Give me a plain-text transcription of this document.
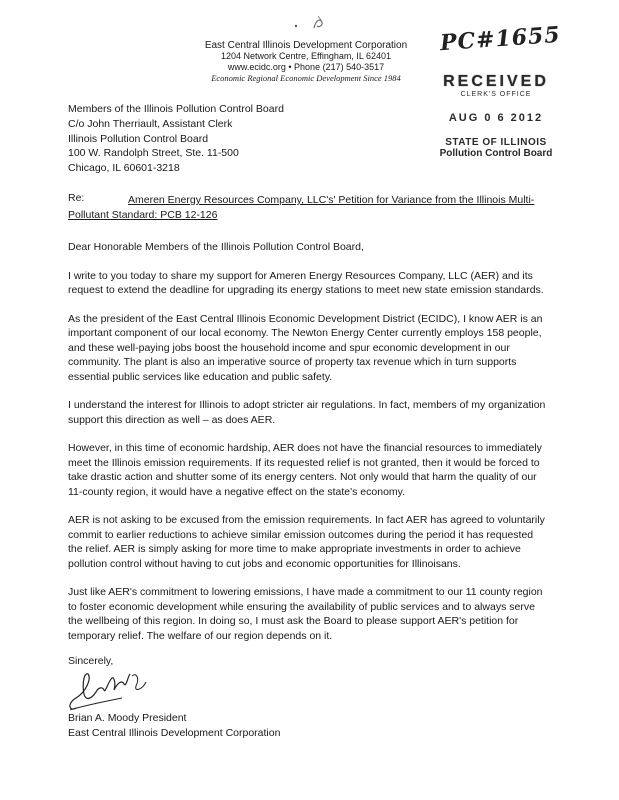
East Central Illinois Development Corporation
1204 Network Centre, Effingham, IL 62401
www.ecidc.org • Phone (217) 540-3517
Economic Regional Economic Development Since 1984
PC#1655
RECEIVED
CLERK'S OFFICE
AUG 0 6 2012
STATE OF ILLINOIS
Pollution Control Board
Members of the Illinois Pollution Control Board
C/o John Therriault, Assistant Clerk
Illinois Pollution Control Board
100 W. Randolph Street, Ste. 11-500
Chicago, IL 60601-3218
Re:	Ameren Energy Resources Company, LLC's' Petition for Variance from the Illinois Multi-Pollutant Standard: PCB 12-126

Dear Honorable Members of the Illinois Pollution Control Board,

I write to you today to share my support for Ameren Energy Resources Company, LLC (AER) and its request to extend the deadline for upgrading its energy stations to meet new state emission standards.

As the president of the East Central Illinois Economic Development District (ECIDC), I know AER is an important component of our local economy. The Newton Energy Center currently employs 158 people, and these well-paying jobs boost the household income and spur economic development in our community. The plant is also an imperative source of property tax revenue which in turn supports essential public services like education and public safety.

I understand the interest for Illinois to adopt stricter air regulations. In fact, members of my organization support this direction as well – as does AER.

However, in this time of economic hardship, AER does not have the financial resources to immediately meet the Illinois emission requirements. If its requested relief is not granted, then it would be forced to take drastic action and shutter some of its energy centers. Not only would that harm the quality of our 11-county region, it would have a negative effect on the state's economy.

AER is not asking to be excused from the emission requirements. In fact AER has agreed to voluntarily commit to earlier reductions to achieve similar emission outcomes during the period it has requested the relief. AER is simply asking for more time to make appropriate investments in order to achieve pollution control without having to cut jobs and economic opportunities for Illinoisans.

Just like AER's commitment to lowering emissions, I have made a commitment to our 11 county region to foster economic development while ensuring the availability of public services and to always serve the wellbeing of this region. In doing so, I must ask the Board to please support AER's petition for temporary relief. The welfare of our region depends on it.

Sincerely,
Brian A. Moody President
East Central Illinois Development Corporation
